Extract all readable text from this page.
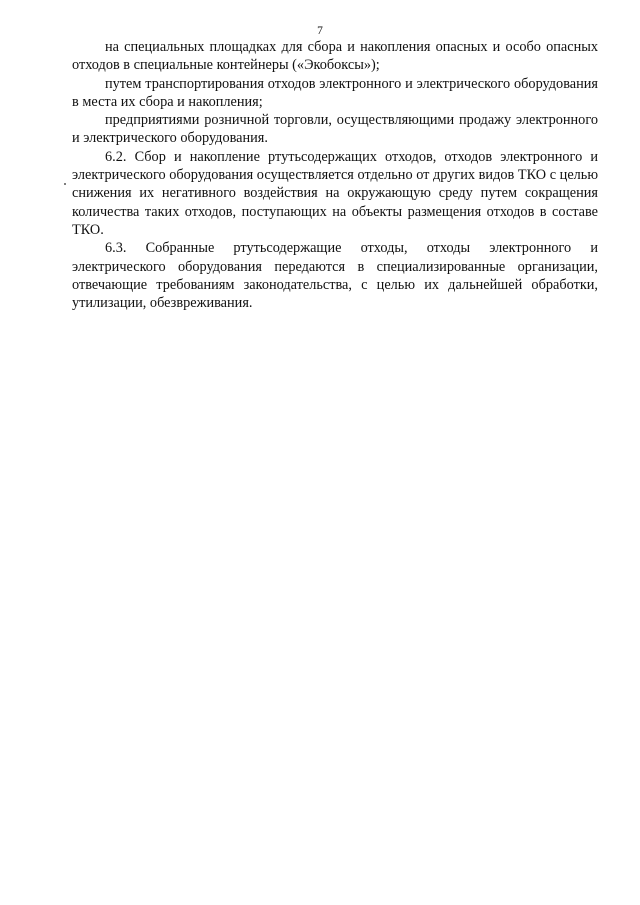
7

на специальных площадках для сбора и накопления опасных и особо опасных отходов в специальные контейнеры («Экобоксы»);

путем транспортирования отходов электронного и электрического оборудования в места их сбора и накопления;

предприятиями розничной торговли, осуществляющими продажу электронного и электрического оборудования.

6.2. Сбор и накопление ртутьсодержащих отходов, отходов электронного и электрического оборудования осуществляется отдельно от других видов ТКО с целью снижения их негативного воздействия на окружающую среду путем сокращения количества таких отходов, поступающих на объекты размещения отходов в составе ТКО.

6.3. Собранные ртутьсодержащие отходы, отходы электронного и электрического оборудования передаются в специализированные организации, отвечающие требованиям законодательства, с целью их дальнейшей обработки, утилизации, обезвреживания.
